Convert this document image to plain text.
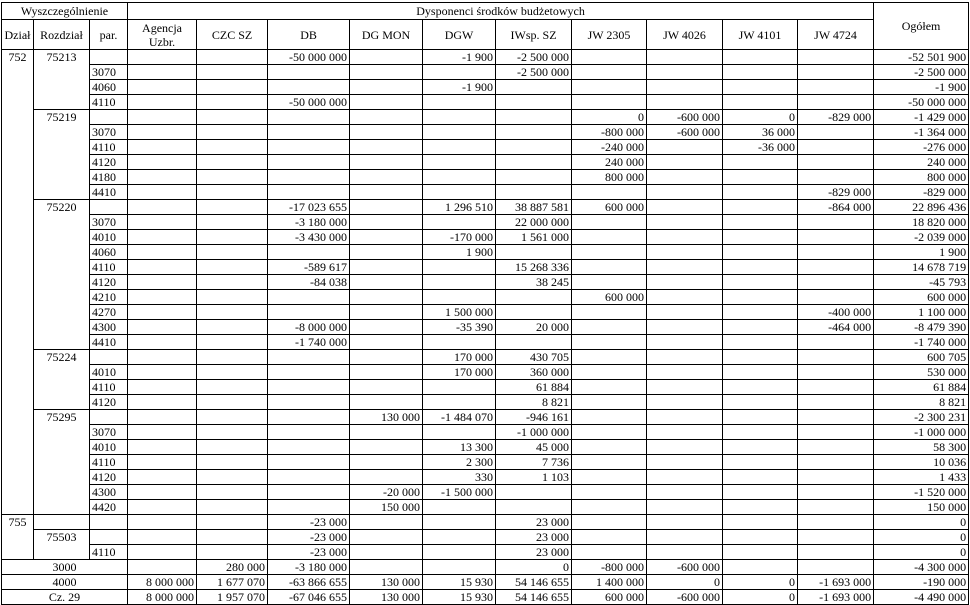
Wyszczególnienie			Dysponenci środków budżetowych										Ogółem
Dział	Rozdział	par.	Agencja Uzbr.	CZC SZ	DB	DG MON	DGW	IWsp. SZ	JW 2305	JW 4026	JW 4101	JW 4724	
752	75213				-50 000 000		-1 900	-2 500 000					-52 501 900
		3070						-2 500 000					-2 500 000
		4060					-1 900						-1 900
		4110			-50 000 000								-50 000 000
	75219								0	-600 000	0	-829 000	-1 429 000
		3070							-800 000	-600 000	36 000		-1 364 000
		4110							-240 000		-36 000		-276 000
		4120							240 000				240 000
		4180							800 000				800 000
		4410										-829 000	-829 000
	75220				-17 023 655		1 296 510	38 887 581	600 000			-864 000	22 896 436
		3070			-3 180 000			22 000 000					18 820 000
		4010			-3 430 000		-170 000	1 561 000					-2 039 000
		4060					1 900						1 900
		4110			-589 617			15 268 336					14 678 719
		4120			-84 038			38 245					-45 793
		4210							600 000				600 000
		4270					1 500 000					-400 000	1 100 000
		4300			-8 000 000		-35 390	20 000				-464 000	-8 479 390
		4410			-1 740 000								-1 740 000
	75224						170 000	430 705					600 705
		4010					170 000	360 000					530 000
		4110						61 884					61 884
		4120						8 821					8 821
	75295					130 000	-1 484 070	-946 161					-2 300 231
		3070						-1 000 000					-1 000 000
		4010					13 300	45 000					58 300
		4110					2 300	7 736					10 036
		4120					330	1 103					1 433
		4300				-20 000	-1 500 000						-1 520 000
		4420				150 000							150 000
755					-23 000			23 000					0
	75503				-23 000			23 000					0
		4110			-23 000			23 000					0
3000				280 000	-3 180 000			0	-800 000	-600 000			-4 300 000
4000			8 000 000	1 677 070	-63 866 655	130 000	15 930	54 146 655	1 400 000	0	0	-1 693 000	-190 000
Cz. 29			8 000 000	1 957 070	-67 046 655	130 000	15 930	54 146 655	600 000	-600 000	0	-1 693 000	-4 490 000
